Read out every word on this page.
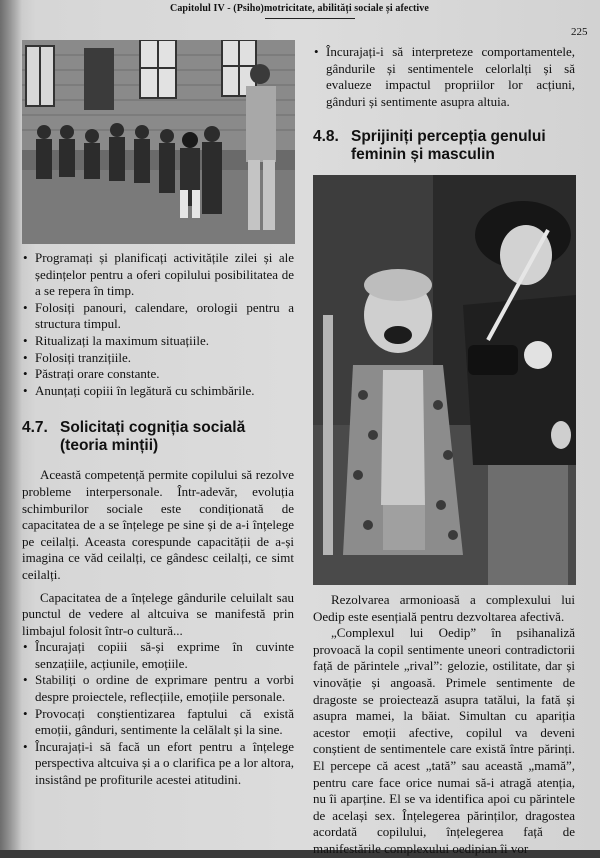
Capitolul IV - (Psiho)motricitate, abilități sociale și afective
225
• Programați și planificați activitățile zilei și ale ședințelor pentru a oferi copilului posibilitatea de a se repera în timp.
• Folosiți panouri, calendare, orologii pentru a structura timpul.
• Ritualizați la maximum situațiile.
• Folosiți tranzițiile.
• Păstrați orare constante.
• Anunțați copiii în legătură cu schimbările.
4.7. Solicitați cogniția socială (teoria minții)

Această competență permite copilului să rezolve probleme interpersonale. Într-adevăr, evoluția schimburilor sociale este condiționată de capacitatea de a se înțelege pe sine și de a-i înțelege pe ceilalți. Aceasta corespunde capacității de a-și imagina ce văd ceilalți, ce gândesc ceilalți, ce simt ceilalți.

Capacitatea de a înțelege gândurile celuilalt sau punctul de vedere al altcuiva se manifestă prin limbajul folosit într-o cultură...

• Încurajați copiii să-și exprime în cuvinte senzațiile, acțiunile, emoțiile.
• Stabiliți o ordine de exprimare pentru a vorbi despre proiectele, reflecțiile, emoțiile personale.
• Provocați conștientizarea faptului că există emoții, gânduri, sentimente la celălalt și la sine.
• Încurajați-i să facă un efort pentru a înțelege perspectiva altcuiva și a o clarifica pe a lor altora, insistând pe profiturile acestei atitudini.
• Încurajați-i să interpreteze comportamentele, gândurile și sentimentele celorlalți și să evalueze impactul propriilor lor acțiuni, gânduri și sentimente asupra altuia.
4.8. Sprijiniți percepția genului feminin și masculin

Rezolvarea armonioasă a complexului lui Oedip este esențială pentru dezvoltarea afectivă.

„Complexul lui Oedip” în psihanaliză provoacă la copil sentimente uneori contradictorii față de părintele „rival”: gelozie, ostilitate, dar și vinovăție și angoasă. Primele sentimente de dragoste se proiectează asupra tatălui, la fată și asupra mamei, la băiat. Simultan cu apariția acestor emoții afective, copilul va deveni conștient de sentimentele care există între părinți. El percepe că acest „tată” sau această „mamă”, pentru care face orice numai să-i atragă atenția, nu îi aparține. El se va identifica apoi cu părintele de același sex. Înțelegerea părinților, dragostea acordată copilului, înțelegerea față de manifestările complexului oedipian îi vor
